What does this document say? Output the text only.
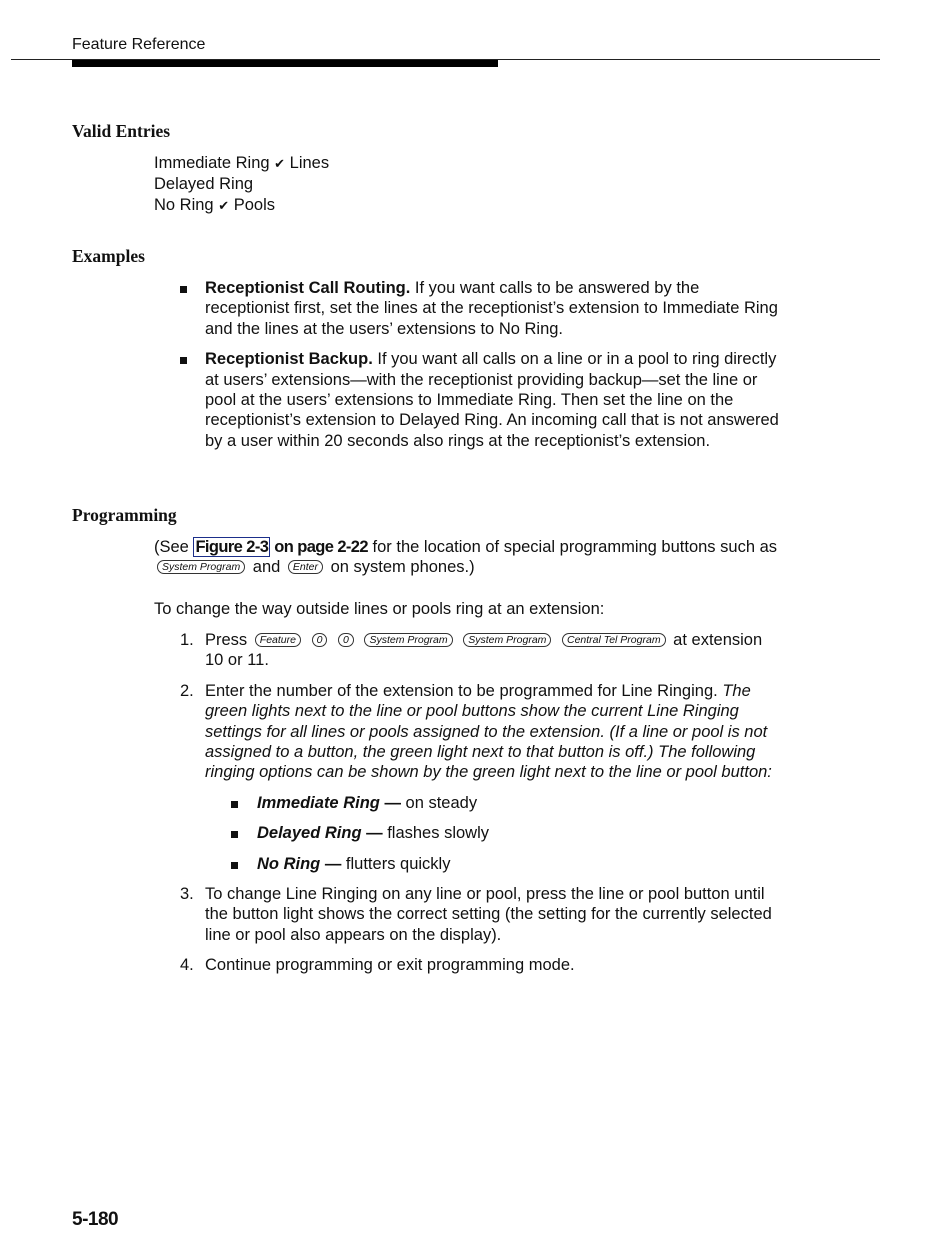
Feature Reference
Valid Entries
Immediate Ring ✔ Lines
Delayed Ring
No Ring ✔ Pools
Examples
Receptionist Call Routing. If you want calls to be answered by the receptionist first, set the lines at the receptionist’s extension to Immediate Ring and the lines at the users’ extensions to No Ring.
Receptionist Backup. If you want all calls on a line or in a pool to ring directly at users’ extensions—with the receptionist providing backup—set the line or pool at the users’ extensions to Immediate Ring. Then set the line on the receptionist’s extension to Delayed Ring. An incoming call that is not answered by a user within 20 seconds also rings at the receptionist’s extension.
Programming
(See Figure 2-3 on page 2-22 for the location of special programming buttons such as System Program and Enter on system phones.)
To change the way outside lines or pools ring at an extension:
1. Press Feature 0 0 System Program System Program Central Tel Program at extension 10 or 11.
2. Enter the number of the extension to be programmed for Line Ringing. The green lights next to the line or pool buttons show the current Line Ringing settings for all lines or pools assigned to the extension. (If a line or pool is not assigned to a button, the green light next to that button is off.) The following ringing options can be shown by the green light next to the line or pool button:
Immediate Ring — on steady
Delayed Ring — flashes slowly
No Ring — flutters quickly
3. To change Line Ringing on any line or pool, press the line or pool button until the button light shows the correct setting (the setting for the currently selected line or pool also appears on the display).
4. Continue programming or exit programming mode.
5-180
